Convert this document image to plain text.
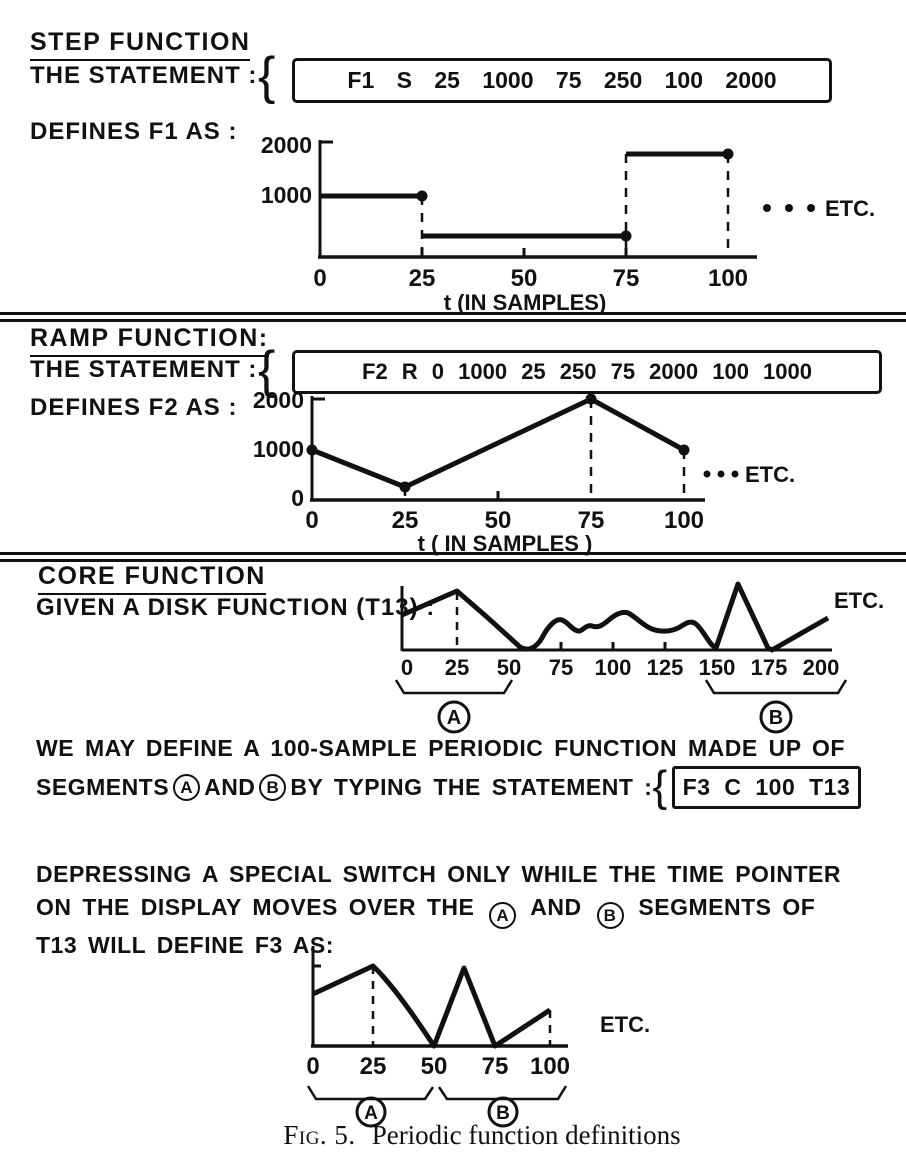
STEP FUNCTION
THE STATEMENT : {	F1 S 25 1000 75 250 100 2000
DEFINES F1 AS : 2000
1000
0	25	50	75	100
t (IN SAMPLES)
ETC.
RAMP FUNCTION:
THE STATEMENT : {	F2 R 0 1000 25 250 75 2000 100 1000
DEFINES F2 AS : 2000
1000
0
0	25	50	75 100
t ( IN SAMPLES )
ETC.
CORE FUNCTION
GIVEN A DISK FUNCTION (T13) :
0 25 50 75 100 125 150 175 200
ETC.
A	B
WE MAY DEFINE A 100-SAMPLE PERIODIC FUNCTION MADE UP OF
SEGMENTS A AND B BY TYPING THE STATEMENT : { F3 C 100 T13
DEPRESSING A SPECIAL SWITCH ONLY WHILE THE TIME POINTER
ON THE DISPLAY MOVES OVER THE A AND B SEGMENTS OF
T13 WILL DEFINE F3 AS:
0 25 50 75 100
ETC.
A	B
Fig. 5. Periodic function definitions
